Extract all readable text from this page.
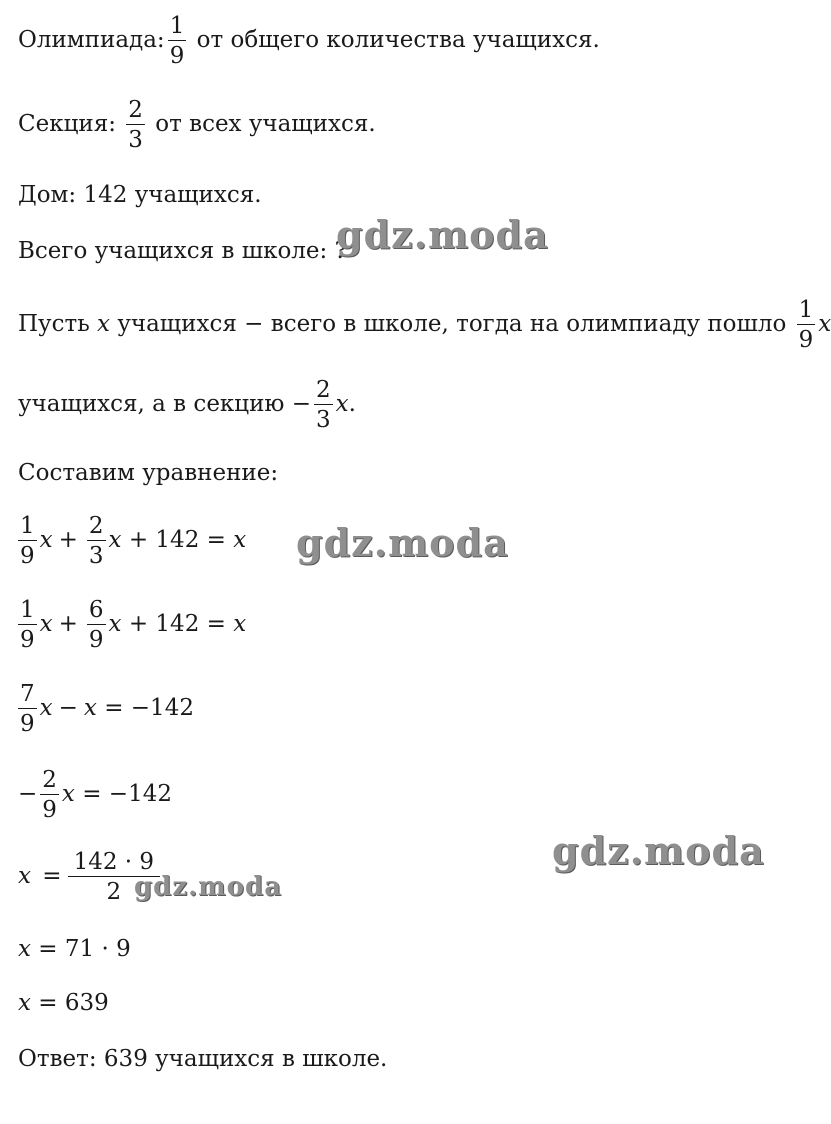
Олимпиада: $\frac{1}{9}$ от общего количества учащихся.
Секция: $\frac{2}{3}$ от всех учащихся.
Дом: 142 учащихся.
Всего учащихся в школе: ?
Пусть x учащихся − всего в школе, тогда на олимпиаду пошло $\frac{1}{9}$ x
учащихся, а в секцию − $\frac{2}{3} x$.
Составим уравнение:
$\frac{1}{9}$ $x + \frac{2}{3}$ x + 142 = x
$\frac{1}{9}$ $x + \frac{6}{9}$ x + 142 = x
$\frac{7}{9}$ x − x = −142
− $\frac{2}{9}$ x = −142
$x = \frac{142 \cdot 9}{2}$
x = 71 · 9
x = 639
Ответ: 639 учащихся в школе.
gdz.moda
gdz.moda
gdz.moda
gdz.moda
